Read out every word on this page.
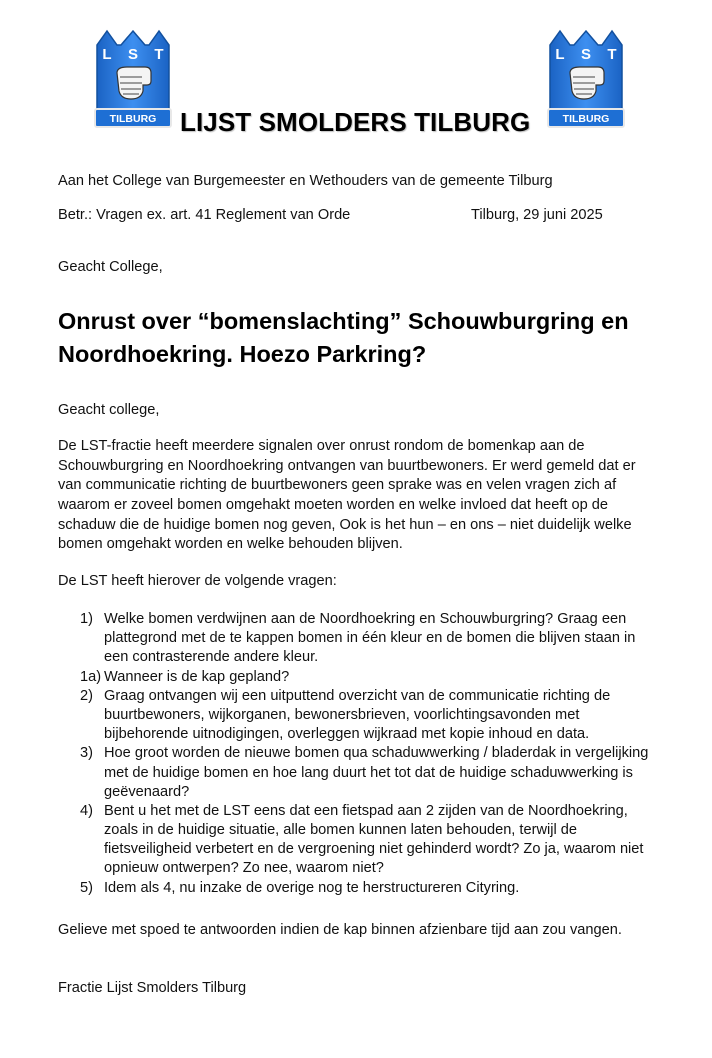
L S T
TILBURG LIJST SMOLDERS TILBURG
L S T
TILBURG
Aan het College van Burgemeester en Wethouders van de gemeente Tilburg
Betr.: Vragen ex. art. 41 Reglement van Orde	Tilburg, 29 juni 2025
Geacht College,
Onrust over “bomenslachting” Schouwburgring en
Noordhoekring. Hoezo Parkring?
Geacht college,
De LST-fractie heeft meerdere signalen over onrust rondom de bomenkap aan de
Schouwburgring en Noordhoekring ontvangen van buurtbewoners. Er werd gemeld dat er
van communicatie richting de buurtbewoners geen sprake was en velen vragen zich af
waarom er zoveel bomen omgehakt moeten worden en welke invloed dat heeft op de
schaduw die de huidige bomen nog geven, Ook is het hun – en ons – niet duidelijk welke
bomen omgehakt worden en welke behouden blijven.
De LST heeft hierover de volgende vragen:
1) Welke bomen verdwijnen aan de Noordhoekring en Schouwburgring? Graag een
plattegrond met de te kappen bomen in één kleur en de bomen die blijven staan in
een contrasterende andere kleur.
1a) Wanneer is de kap gepland?
2) Graag ontvangen wij een uitputtend overzicht van de communicatie richting de
buurtbewoners, wijkorganen, bewonersbrieven, voorlichtingsavonden met
bijbehorende uitnodigingen, overleggen wijkraad met kopie inhoud en data.
3) Hoe groot worden de nieuwe bomen qua schaduwwerking / bladerdak in vergelijking
met de huidige bomen en hoe lang duurt het tot dat de huidige schaduwwerking is
geëvenaard?
4) Bent u het met de LST eens dat een fietspad aan 2 zijden van de Noordhoekring,
zoals in de huidige situatie, alle bomen kunnen laten behouden, terwijl de
fietsveiligheid verbetert en de vergroening niet gehinderd wordt? Zo ja, waarom niet
opnieuw ontwerpen? Zo nee, waarom niet?
5) Idem als 4, nu inzake de overige nog te herstructureren Cityring.
Gelieve met spoed te antwoorden indien de kap binnen afzienbare tijd aan zou vangen.
Fractie Lijst Smolders Tilburg
